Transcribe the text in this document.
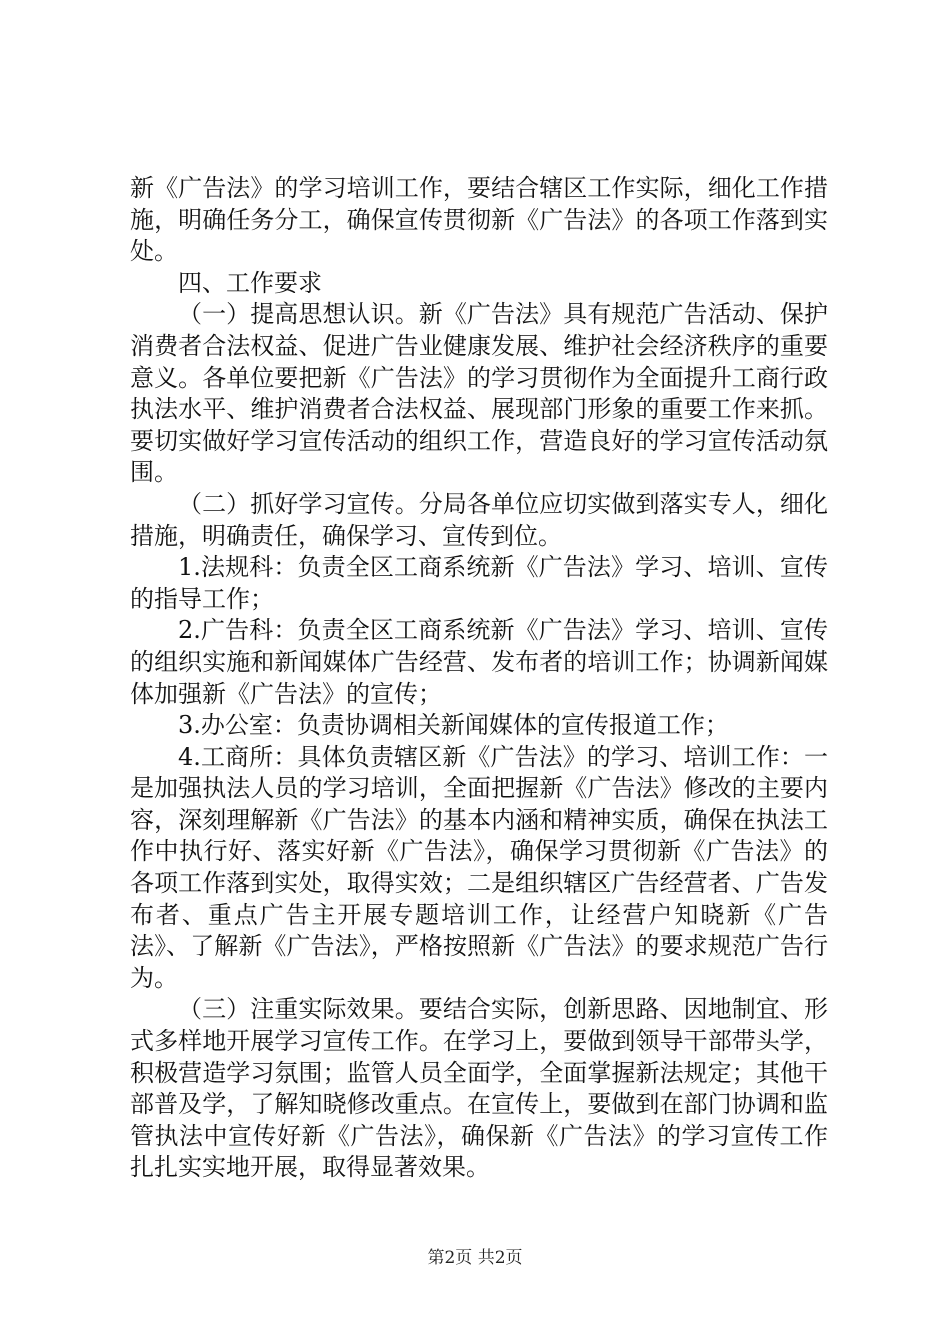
新《广告法》的学习培训工作，要结合辖区工作实际，细化工作措施，明确任务分工，确保宣传贯彻新《广告法》的各项工作落到实处。

四、工作要求

（一）提高思想认识。新《广告法》具有规范广告活动、保护消费者合法权益、促进广告业健康发展、维护社会经济秩序的重要意义。各单位要把新《广告法》的学习贯彻作为全面提升工商行政执法水平、维护消费者合法权益、展现部门形象的重要工作来抓。要切实做好学习宣传活动的组织工作，营造良好的学习宣传活动氛围。

（二）抓好学习宣传。分局各单位应切实做到落实专人，细化措施，明确责任，确保学习、宣传到位。

1.法规科：负责全区工商系统新《广告法》学习、培训、宣传的指导工作；

2.广告科：负责全区工商系统新《广告法》学习、培训、宣传的组织实施和新闻媒体广告经营、发布者的培训工作；协调新闻媒体加强新《广告法》的宣传；

3.办公室：负责协调相关新闻媒体的宣传报道工作；

4.工商所：具体负责辖区新《广告法》的学习、培训工作：一是加强执法人员的学习培训，全面把握新《广告法》修改的主要内容，深刻理解新《广告法》的基本内涵和精神实质，确保在执法工作中执行好、落实好新《广告法》，确保学习贯彻新《广告法》的各项工作落到实处，取得实效；二是组织辖区广告经营者、广告发布者、重点广告主开展专题培训工作，让经营户知晓新《广告法》、了解新《广告法》，严格按照新《广告法》的要求规范广告行为。

（三）注重实际效果。要结合实际，创新思路、因地制宜、形式多样地开展学习宣传工作。在学习上，要做到领导干部带头学，积极营造学习氛围；监管人员全面学，全面掌握新法规定；其他干部普及学，了解知晓修改重点。在宣传上，要做到在部门协调和监管执法中宣传好新《广告法》，确保新《广告法》的学习宣传工作扎扎实实地开展，取得显著效果。

第2页 共2页
